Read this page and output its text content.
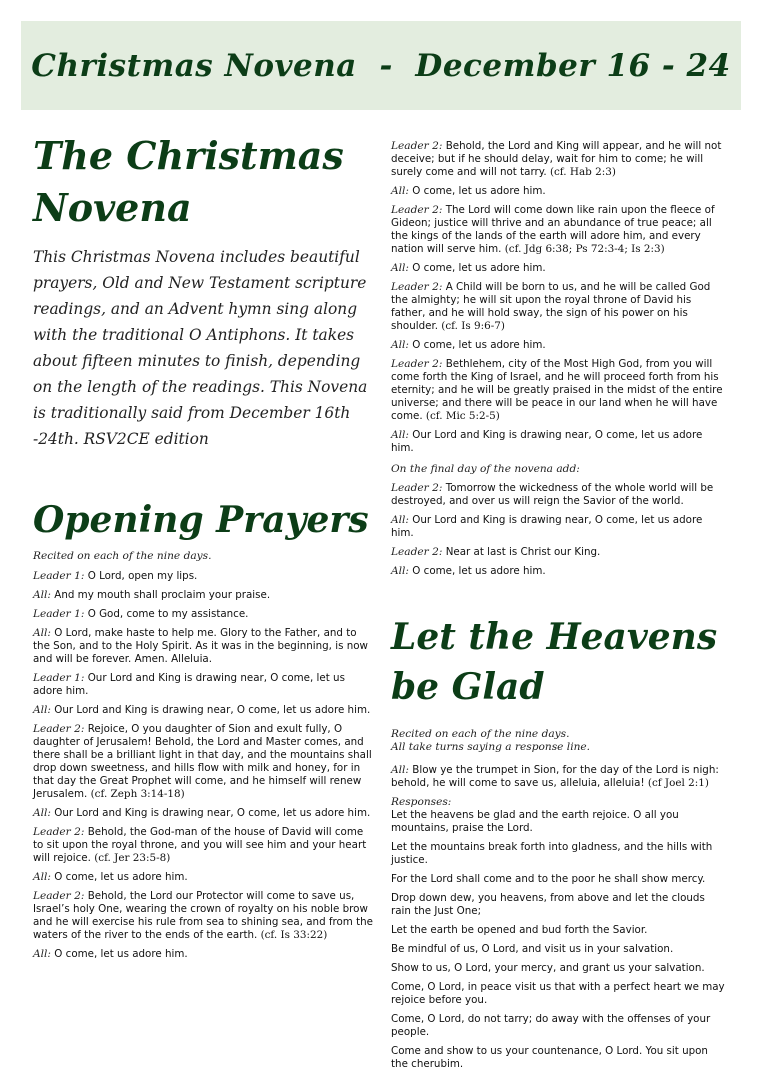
Christmas Novena  -  December 16 - 24
The Christmas
Novena

This Christmas Novena includes beautiful prayers, Old and New Testament scripture readings, and an Advent hymn sing along with the traditional O Antiphons. It takes about fifteen minutes to finish, depending on the length of the readings. This Novena is traditionally said from December 16th -24th. RSV2CE edition

Opening Prayers

Recited on each of the nine days.

Leader 1: O Lord, open my lips.

All: And my mouth shall proclaim your praise.

Leader 1: O God, come to my assistance.

All: O Lord, make haste to help me. Glory to the Father, and to the Son, and to the Holy Spirit. As it was in the beginning, is now and will be forever. Amen. Alleluia.

Leader 1: Our Lord and King is drawing near, O come, let us adore him.

All: Our Lord and King is drawing near, O come, let us adore him.

Leader 2: Rejoice, O you daughter of Sion and exult fully, O daughter of Jerusalem! Behold, the Lord and Master comes, and there shall be a brilliant light in that day, and the mountains shall drop down sweetness, and hills flow with milk and honey, for in that day the Great Prophet will come, and he himself will renew Jerusalem. (cf. Zeph 3:14-18)

All: Our Lord and King is drawing near, O come, let us adore him.

Leader 2: Behold, the God-man of the house of David will come to sit upon the royal throne, and you will see him and your heart will rejoice. (cf. Jer 23:5-8)

All: O come, let us adore him.

Leader 2: Behold, the Lord our Protector will come to save us, Israel’s holy One, wearing the crown of royalty on his noble brow and he will exercise his rule from sea to shining sea, and from the waters of the river to the ends of the earth. (cf. Is 33:22)

All: O come, let us adore him.

Leader 2: Behold, the Lord and King will appear, and he will not deceive; but if he should delay, wait for him to come; he will surely come and will not tarry. (cf. Hab 2:3)

All: O come, let us adore him.

Leader 2: The Lord will come down like rain upon the fleece of Gideon; justice will thrive and an abundance of true peace; all the kings of the lands of the earth will adore him, and every nation will serve him. (cf. Jdg 6:38; Ps 72:3-4; Is 2:3)

All: O come, let us adore him.

Leader 2: A Child will be born to us, and he will be called God the almighty; he will sit upon the royal throne of David his father, and he will hold sway, the sign of his power on his shoulder. (cf. Is 9:6-7)

All: O come, let us adore him.

Leader 2: Bethlehem, city of the Most High God, from you will come forth the King of Israel, and he will proceed forth from his eternity; and he will be greatly praised in the midst of the entire universe; and there will be peace in our land when he will have come. (cf. Mic 5:2-5)

All: Our Lord and King is drawing near, O come, let us adore him.

On the final day of the novena add:

Leader 2: Tomorrow the wickedness of the whole world will be destroyed, and over us will reign the Savior of the world.

All: Our Lord and King is drawing near, O come, let us adore him.

Leader 2: Near at last is Christ our King.

All: O come, let us adore him.

Let the Heavens
be Glad

Recited on each of the nine days.
All take turns saying a response line.

All: Blow ye the trumpet in Sion, for the day of the Lord is nigh: behold, he will come to save us, alleluia, alleluia! (cf Joel 2:1)

Responses:

Let the heavens be glad and the earth rejoice. O all you mountains, praise the Lord.

Let the mountains break forth into gladness, and the hills with justice.

For the Lord shall come and to the poor he shall show mercy.

Drop down dew, you heavens, from above and let the clouds rain the Just One;

Let the earth be opened and bud forth the Savior.

Be mindful of us, O Lord, and visit us in your salvation.

Show to us, O Lord, your mercy, and grant us your salvation.

Come, O Lord, in peace visit us that with a perfect heart we may rejoice before you.

Come, O Lord, do not tarry; do away with the offenses of your people.

Come and show to us your countenance, O Lord. You sit upon the cherubim.
